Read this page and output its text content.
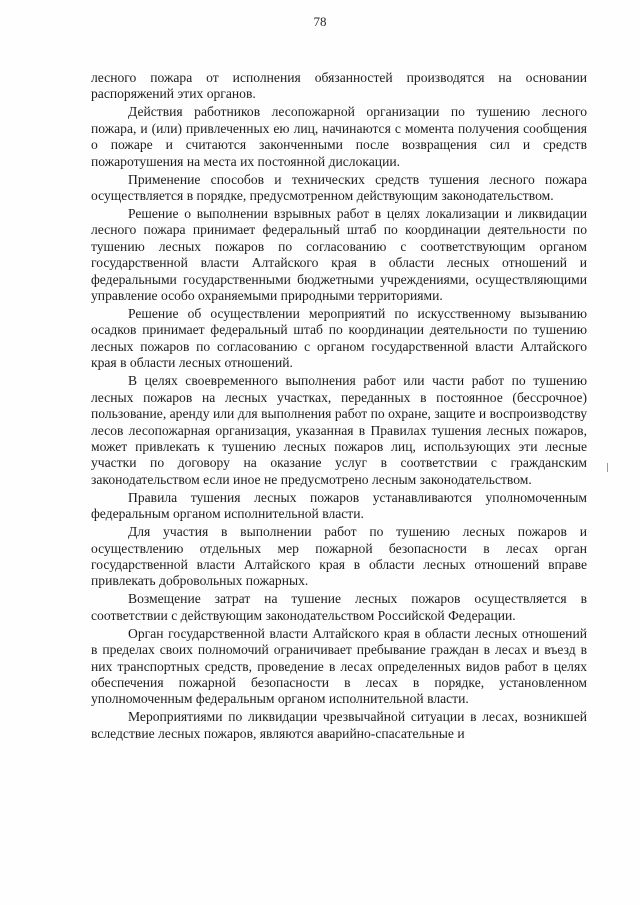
78

лесного пожара от исполнения обязанностей производятся на основании распоряжений этих органов.

Действия работников лесопожарной организации по тушению лесного пожара, и (или) привлеченных ею лиц, начинаются с момента получения сообщения о пожаре и считаются законченными после возвращения сил и средств пожаротушения на места их постоянной дислокации.

Применение способов и технических средств тушения лесного пожара осуществляется в порядке, предусмотренном действующим законодательством.

Решение о выполнении взрывных работ в целях локализации и ликвидации лесного пожара принимает федеральный штаб по координации деятельности по тушению лесных пожаров по согласованию с соответствующим органом государственной власти Алтайского края в области лесных отношений и федеральными государственными бюджетными учреждениями, осуществляющими управление особо охраняемыми природными территориями.

Решение об осуществлении мероприятий по искусственному вызыванию осадков принимает федеральный штаб по координации деятельности по тушению лесных пожаров по согласованию с органом государственной власти Алтайского края в области лесных отношений.

В целях своевременного выполнения работ или части работ по тушению лесных пожаров на лесных участках, переданных в постоянное (бессрочное) пользование, аренду или для выполнения работ по охране, защите и воспроизводству лесов лесопожарная организация, указанная в Правилах тушения лесных пожаров, может привлекать к тушению лесных пожаров лиц, использующих эти лесные участки по договору на оказание услуг в соответствии с гражданским законодательством если иное не предусмотрено лесным законодательством.

Правила тушения лесных пожаров устанавливаются уполномоченным федеральным органом исполнительной власти.

Для участия в выполнении работ по тушению лесных пожаров и осуществлению отдельных мер пожарной безопасности в лесах орган государственной власти Алтайского края в области лесных отношений вправе привлекать добровольных пожарных.

Возмещение затрат на тушение лесных пожаров осуществляется в соответствии с действующим законодательством Российской Федерации.

Орган государственной власти Алтайского края в области лесных отношений в пределах своих полномочий ограничивает пребывание граждан в лесах и въезд в них транспортных средств, проведение в лесах определенных видов работ в целях обеспечения пожарной безопасности в лесах в порядке, установленном уполномоченным федеральным органом исполнительной власти.

Мероприятиями по ликвидации чрезвычайной ситуации в лесах, возникшей вследствие лесных пожаров, являются аварийно-спасательные и
